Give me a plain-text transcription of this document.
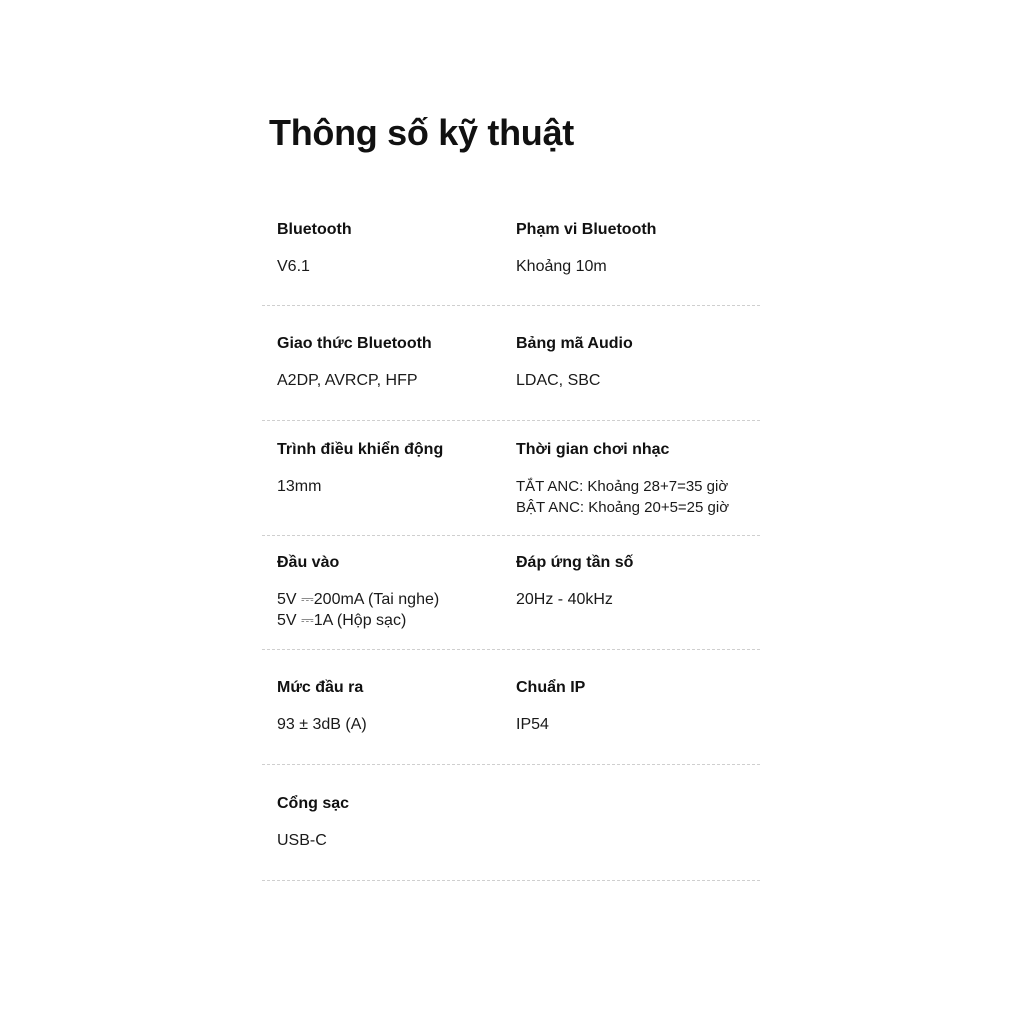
Thông số kỹ thuật
Bluetooth
V6.1
Phạm vi Bluetooth
Khoảng 10m
Giao thức Bluetooth
A2DP, AVRCP, HFP
Bảng mã Audio
LDAC, SBC
Trình điều khiển động
13mm
Thời gian chơi nhạc
TẮT ANC: Khoảng 28+7=35 giờ
BẬT ANC: Khoảng 20+5=25 giờ
Đầu vào
5V ⎓200mA (Tai nghe)
5V ⎓1A (Hộp sạc)
Đáp ứng tần số
20Hz - 40kHz
Mức đầu ra
93 ± 3dB (A)
Chuẩn IP
IP54
Cổng sạc
USB-C
